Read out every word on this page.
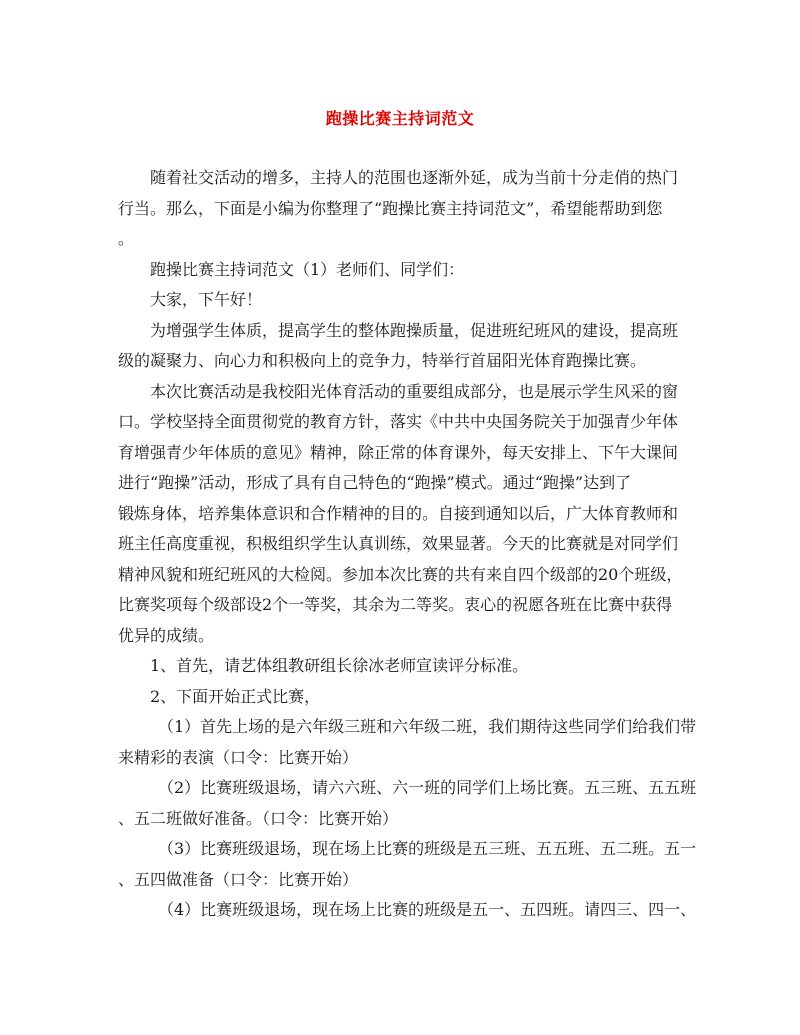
跑操比赛主持词范文
随着社交活动的增多，主持人的范围也逐渐外延，成为当前十分走俏的热门
行当。那么，下面是小编为你整理了“跑操比赛主持词范文”，希望能帮助到您
。
跑操比赛主持词范文（1）老师们、同学们：
大家，下午好！
为增强学生体质，提高学生的整体跑操质量，促进班纪班风的建设，提高班
级的凝聚力、向心力和积极向上的竞争力，特举行首届阳光体育跑操比赛。
本次比赛活动是我校阳光体育活动的重要组成部分，也是展示学生风采的窗
口。学校坚持全面贯彻党的教育方针，落实《中共中央国务院关于加强青少年体
育增强青少年体质的意见》精神，除正常的体育课外，每天安排上、下午大课间
进行“跑操”活动，形成了具有自己特色的“跑操”模式。通过“跑操”达到了
锻炼身体，培养集体意识和合作精神的目的。自接到通知以后，广大体育教师和
班主任高度重视，积极组织学生认真训练，效果显著。今天的比赛就是对同学们
精神风貌和班纪班风的大检阅。参加本次比赛的共有来自四个级部的20个班级，
比赛奖项每个级部设2个一等奖，其余为二等奖。衷心的祝愿各班在比赛中获得
优异的成绩。
1、首先，请艺体组教研组长徐冰老师宣读评分标准。
2、下面开始正式比赛，
（1）首先上场的是六年级三班和六年级二班，我们期待这些同学们给我们带
来精彩的表演（口令：比赛开始）
（2）比赛班级退场，请六六班、六一班的同学们上场比赛。五三班、五五班
、五二班做好准备。（口令：比赛开始）
（3）比赛班级退场，现在场上比赛的班级是五三班、五五班、五二班。五一
、五四做准备（口令：比赛开始）
（4）比赛班级退场，现在场上比赛的班级是五一、五四班。请四三、四一、
